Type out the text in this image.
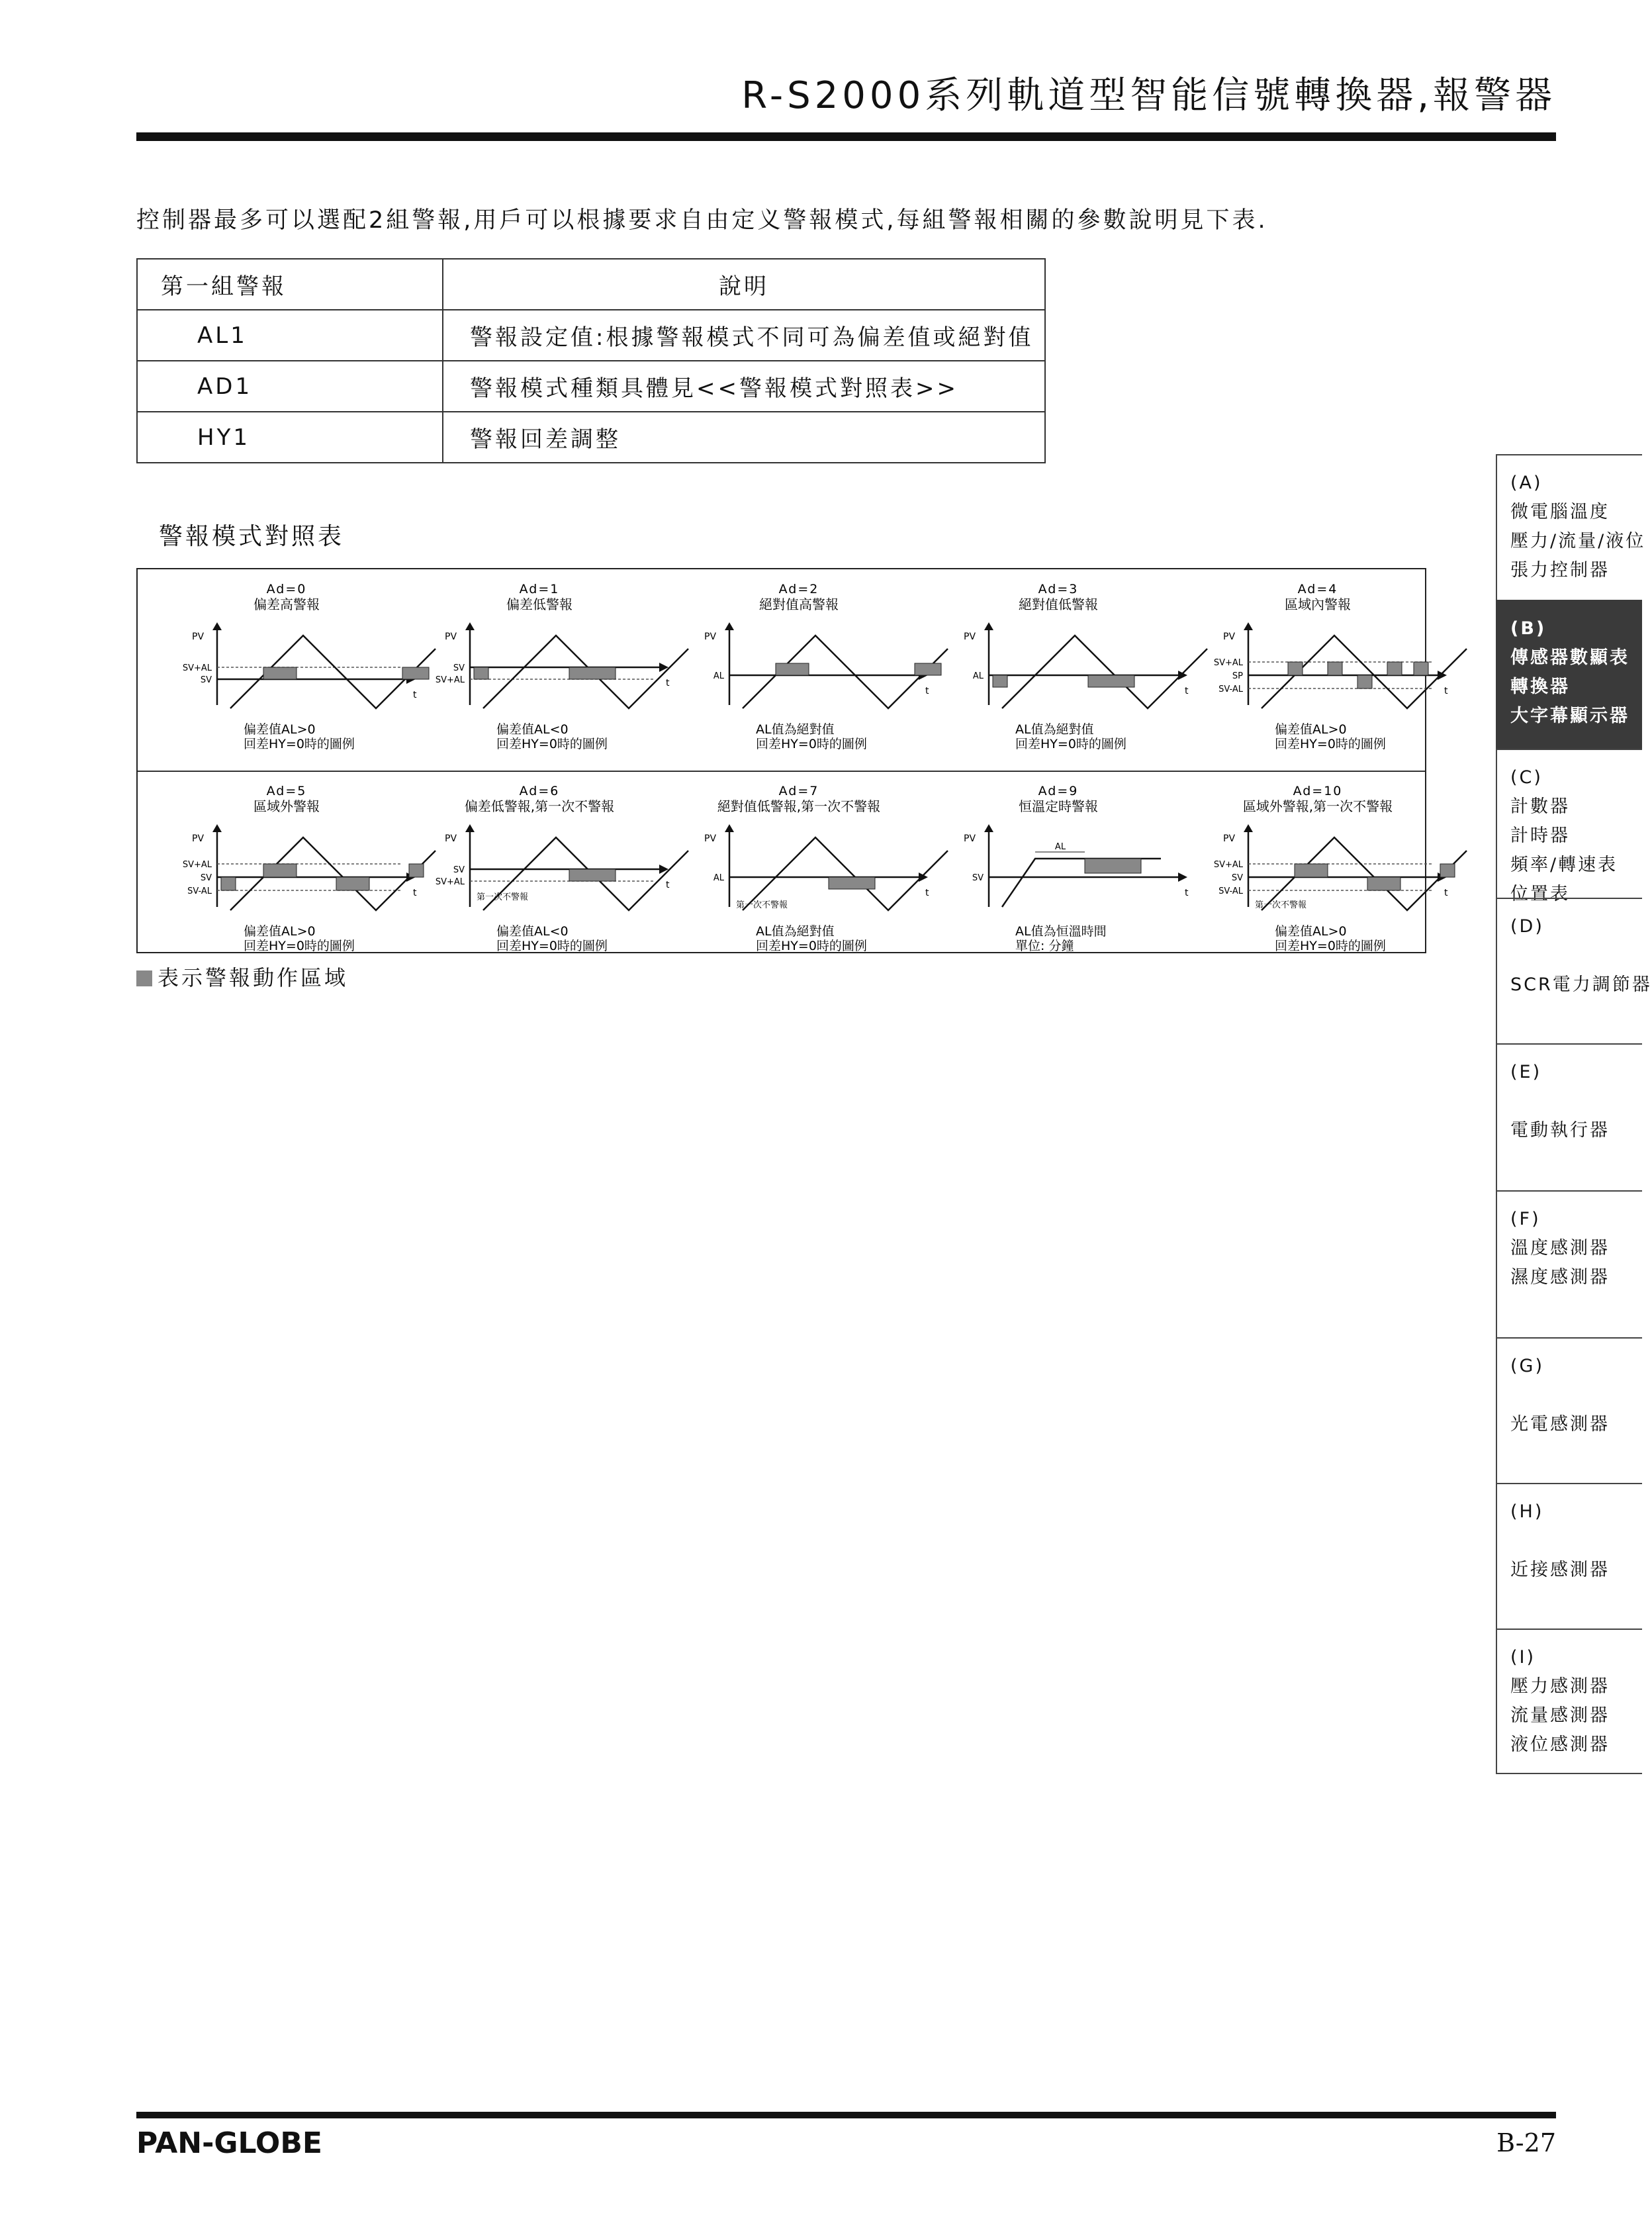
R-S2000系列軌道型智能信號轉換器,報警器
控制器最多可以選配2組警報,用戶可以根據要求自由定义警報模式,每組警報相關的參數說明見下表.
第一組警報	說明
AL1	警報設定值:根據警報模式不同可為偏差值或絕對值
AD1	警報模式種類具體見<<警報模式對照表>>
HY1	警報回差調整
警報模式對照表
Ad=0
偏差高警報
PV
t
SV+AL
SV
偏差值AL>0
回差HY=0時的圖例
Ad=1
偏差低警報
PV
t
SV
SV+AL
偏差值AL<0
回差HY=0時的圖例
Ad=2
絕對值高警報
PV
t
AL
AL值為絕對值
回差HY=0時的圖例
Ad=3
絕對值低警報
PV
t
AL
AL值為絕對值
回差HY=0時的圖例
Ad=4
區域內警報
PV
t
SV+AL
SP
SV-AL
偏差值AL>0
回差HY=0時的圖例
Ad=5
區域外警報
PV
t
SV+AL
SV
SV-AL
偏差值AL>0
回差HY=0時的圖例
Ad=6
偏差低警報,第一次不警報
PV
t
SV
SV+AL
第一次不警報
偏差值AL<0
回差HY=0時的圖例
Ad=7
絕對值低警報,第一次不警報
PV
t
AL
第一次不警報
AL值為絕對值
回差HY=0時的圖例
Ad=9
恒溫定時警報
PV
t
SV
AL
AL值為恒溫時間
單位: 分鐘
Ad=10
區域外警報,第一次不警報
PV
t
SV+AL
SV
SV-AL
第一次不警報
偏差值AL>0
回差HY=0時的圖例
表示警報動作區域
(A)
微電腦溫度
壓力/流量/液位
張力控制器
(B)
傳感器數顯表
轉換器
大字幕顯示器
(C)
計數器
計時器
頻率/轉速表
位置表
(D)
SCR電力調節器
(E)
電動執行器
(F)
溫度感測器
濕度感測器
(G)
光電感測器
(H)
近接感測器
(I)
壓力感測器
流量感測器
液位感測器
PAN-GLOBE	B-27
